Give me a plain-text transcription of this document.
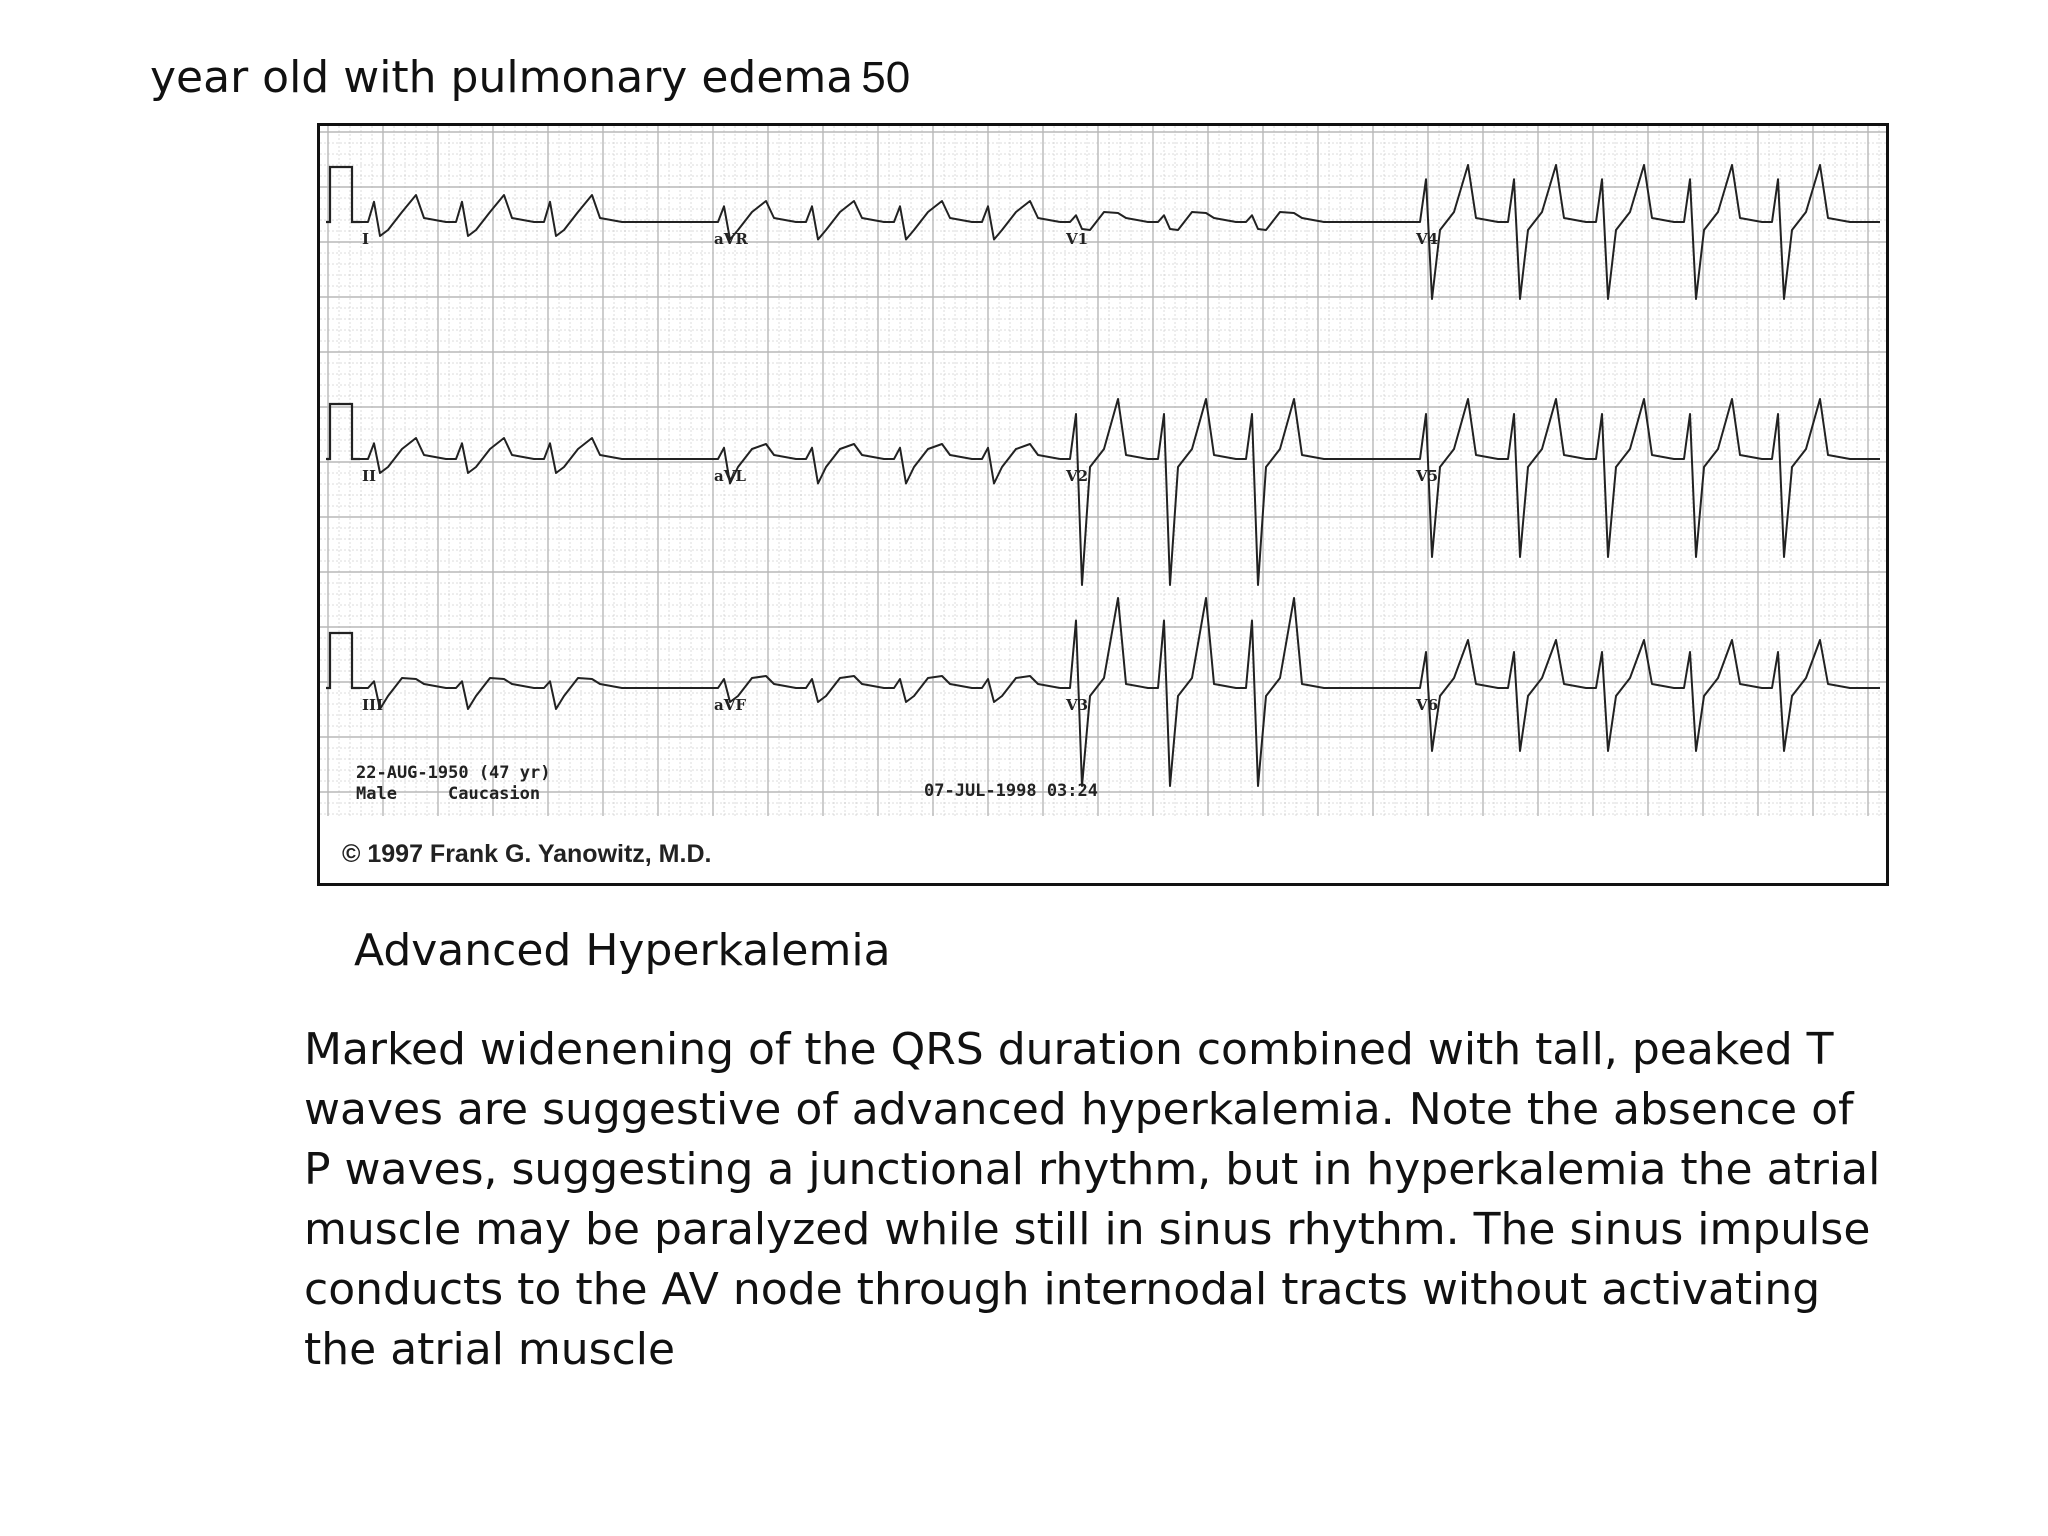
year old with pulmonary edema 50
I	aVR	V1	V4
II	aVL	V2	V5
III	aVF	V3	V6
22-AUG-1950 (47 yr)
Male	Caucasion	07-JUL-1998 03:24
© 1997 Frank G. Yanowitz, M.D.
Advanced Hyperkalemia

Marked widenening of the QRS duration combined with tall, peaked T waves are suggestive of advanced hyperkalemia. Note the absence of P waves, suggesting a junctional rhythm, but in hyperkalemia the atrial muscle may be paralyzed while still in sinus rhythm. The sinus impulse conducts to the AV node through internodal tracts without activating the atrial muscle
